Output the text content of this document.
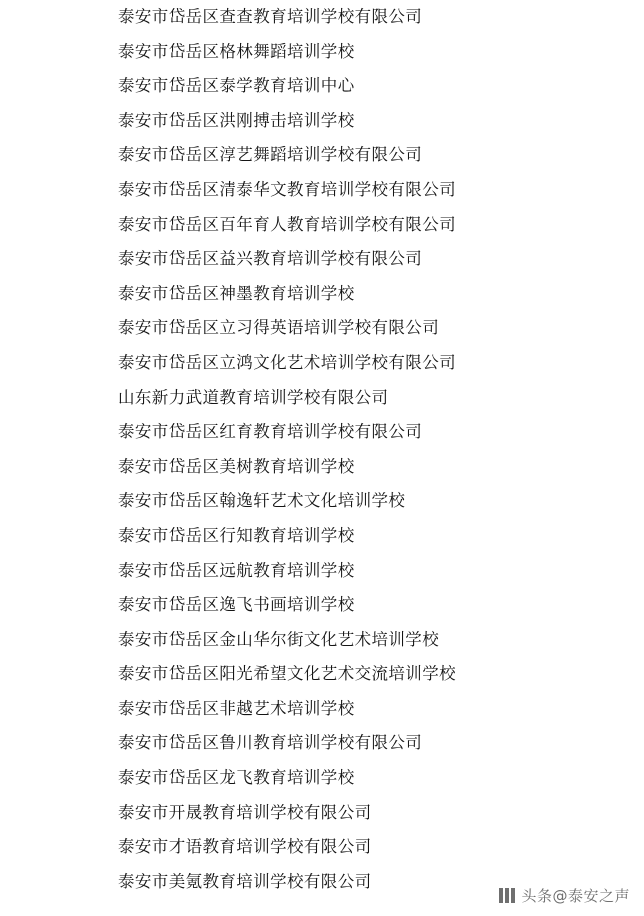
泰安市岱岳区查查教育培训学校有限公司
泰安市岱岳区格林舞蹈培训学校
泰安市岱岳区泰学教育培训中心
泰安市岱岳区洪刚搏击培训学校
泰安市岱岳区淳艺舞蹈培训学校有限公司
泰安市岱岳区清泰华文教育培训学校有限公司
泰安市岱岳区百年育人教育培训学校有限公司
泰安市岱岳区益兴教育培训学校有限公司
泰安市岱岳区神墨教育培训学校
泰安市岱岳区立习得英语培训学校有限公司
泰安市岱岳区立鸿文化艺术培训学校有限公司
山东新力武道教育培训学校有限公司
泰安市岱岳区红育教育培训学校有限公司
泰安市岱岳区美树教育培训学校
泰安市岱岳区翰逸轩艺术文化培训学校
泰安市岱岳区行知教育培训学校
泰安市岱岳区远航教育培训学校
泰安市岱岳区逸飞书画培训学校
泰安市岱岳区金山华尔街文化艺术培训学校
泰安市岱岳区阳光希望文化艺术交流培训学校
泰安市岱岳区非越艺术培训学校
泰安市岱岳区鲁川教育培训学校有限公司
泰安市岱岳区龙飞教育培训学校
泰安市开晟教育培训学校有限公司
泰安市才语教育培训学校有限公司
泰安市美氪教育培训学校有限公司
头条@泰安之声
